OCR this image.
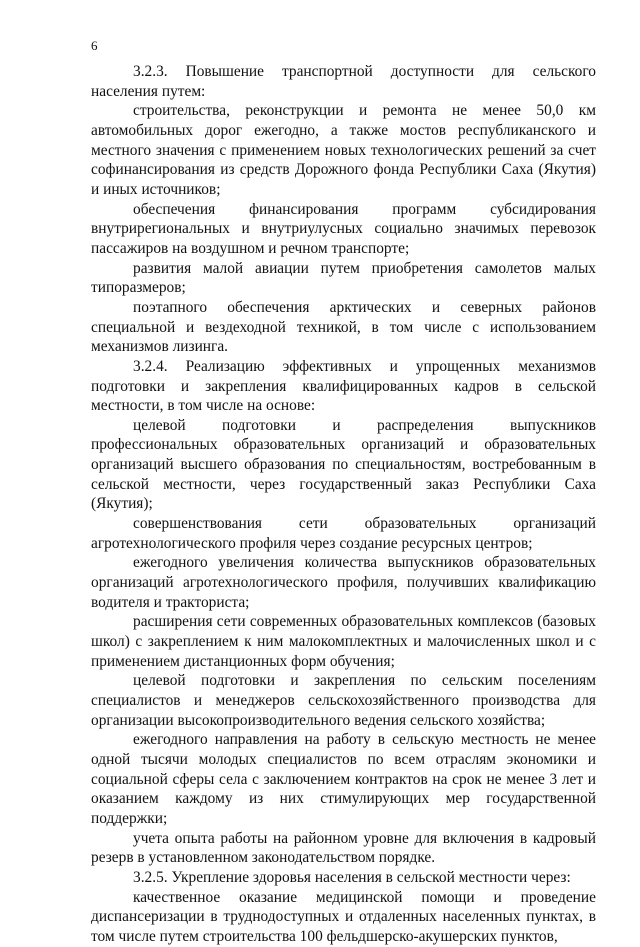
6

3.2.3. Повышение транспортной доступности для сельского населения путем:

строительства, реконструкции и ремонта не менее 50,0 км автомобильных дорог ежегодно, а также мостов республиканского и местного значения с применением новых технологических решений за счет софинансирования из средств Дорожного фонда Республики Саха (Якутия) и иных источников;

обеспечения финансирования программ субсидирования внутрирегиональных и внутриулусных социально значимых перевозок пассажиров на воздушном и речном транспорте;

развития малой авиации путем приобретения самолетов малых типоразмеров;

поэтапного обеспечения арктических и северных районов специальной и вездеходной техникой, в том числе с использованием механизмов лизинга.

3.2.4. Реализацию эффективных и упрощенных механизмов подготовки и закрепления квалифицированных кадров в сельской местности, в том числе на основе:

целевой подготовки и распределения выпускников профессиональных образовательных организаций и образовательных организаций высшего образования по специальностям, востребованным в сельской местности, через государственный заказ Республики Саха (Якутия);

совершенствования сети образовательных организаций агротехнологического профиля через создание ресурсных центров;

ежегодного увеличения количества выпускников образовательных организаций агротехнологического профиля, получивших квалификацию водителя и тракториста;

расширения сети современных образовательных комплексов (базовых школ) с закреплением к ним малокомплектных и малочисленных школ и с применением дистанционных форм обучения;

целевой подготовки и закрепления по сельским поселениям специалистов и менеджеров сельскохозяйственного производства для организации высокопроизводительного ведения сельского хозяйства;

ежегодного направления на работу в сельскую местность не менее одной тысячи молодых специалистов по всем отраслям экономики и социальной сферы села с заключением контрактов на срок не менее 3 лет и оказанием каждому из них стимулирующих мер государственной поддержки;

учета опыта работы на районном уровне для включения в кадровый резерв в установленном законодательством порядке.

3.2.5. Укрепление здоровья населения в сельской местности через:

качественное оказание медицинской помощи и проведение диспансеризации в труднодоступных и отдаленных населенных пунктах, в том числе путем строительства 100 фельдшерско-акушерских пунктов,
